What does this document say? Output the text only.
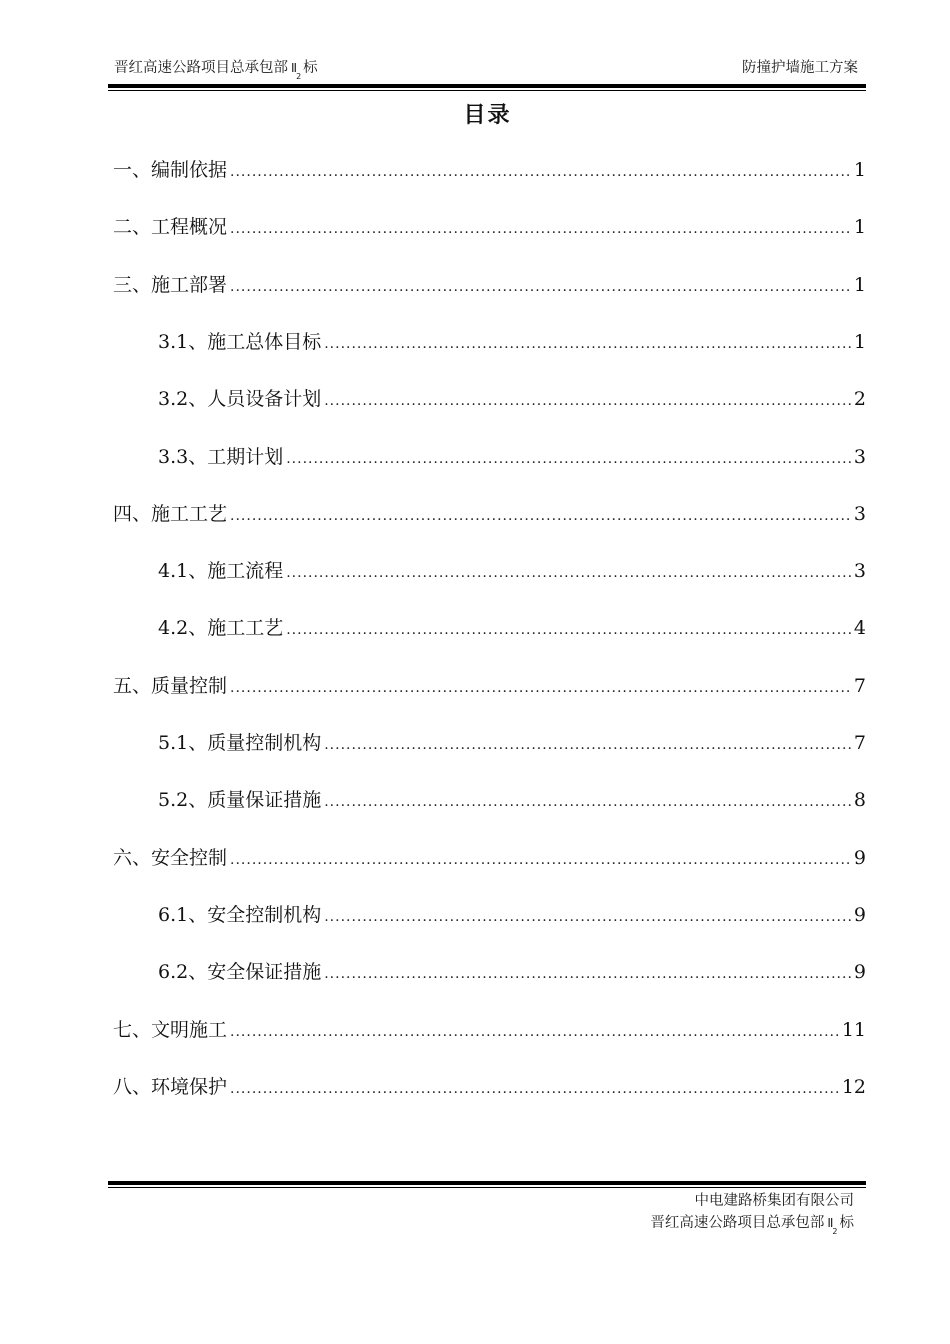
晋红高速公路项目总承包部 $II_2$标	防撞护墙施工方案
目录
一、编制依据 .....	1
二、工程概况 .....	1
三、施工部署 .....	1
3.1、施工总体目标 .....	1
3.2、人员设备计划 .....	2
3.3、工期计划 .....	3
四、施工工艺 .....	3
4.1、施工流程 .....	3
4.2、施工工艺 .....	4
五、质量控制 .....	7
5.1、质量控制机构 .....	7
5.2、质量保证措施 .....	8
六、安全控制 .....	9
6.1、安全控制机构 .....	9
6.2、安全保证措施 .....	9
七、文明施工 .....	11
八、环境保护 .....	12
中电建路桥集团有限公司
晋红高速公路项目总承包部 $II_2$标
